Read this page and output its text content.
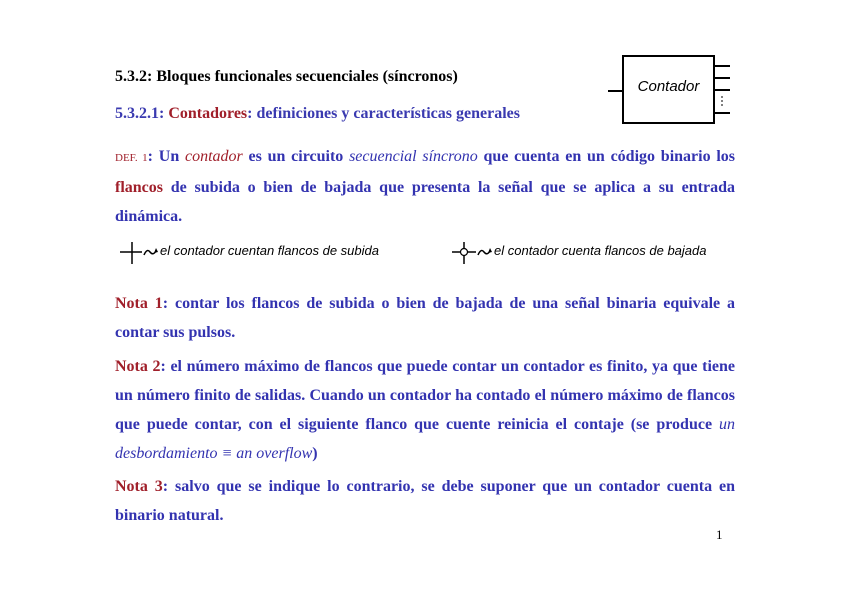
5.3.2: Bloques funcionales secuenciales (síncronos)
5.3.2.1: Contadores: definiciones y características generales
Contador
DEF. 1: Un contador es un circuito secuencial síncrono que cuenta en un código binario los flancos de subida o bien de bajada que presenta la señal que se aplica a su entrada dinámica.
el contador cuentan flancos de subida	el contador cuenta flancos de bajada
Nota 1: contar los flancos de subida o bien de bajada de una señal binaria equivale a contar sus pulsos.
Nota 2: el número máximo de flancos que puede contar un contador es finito, ya que tiene un número finito de salidas. Cuando un contador ha contado el número máximo de flancos que puede contar, con el siguiente flanco que cuente reinicia el contaje (se produce un desbordamiento ≡ an overflow)
Nota 3: salvo que se indique lo contrario, se debe suponer que un contador cuenta en binario natural.
1
